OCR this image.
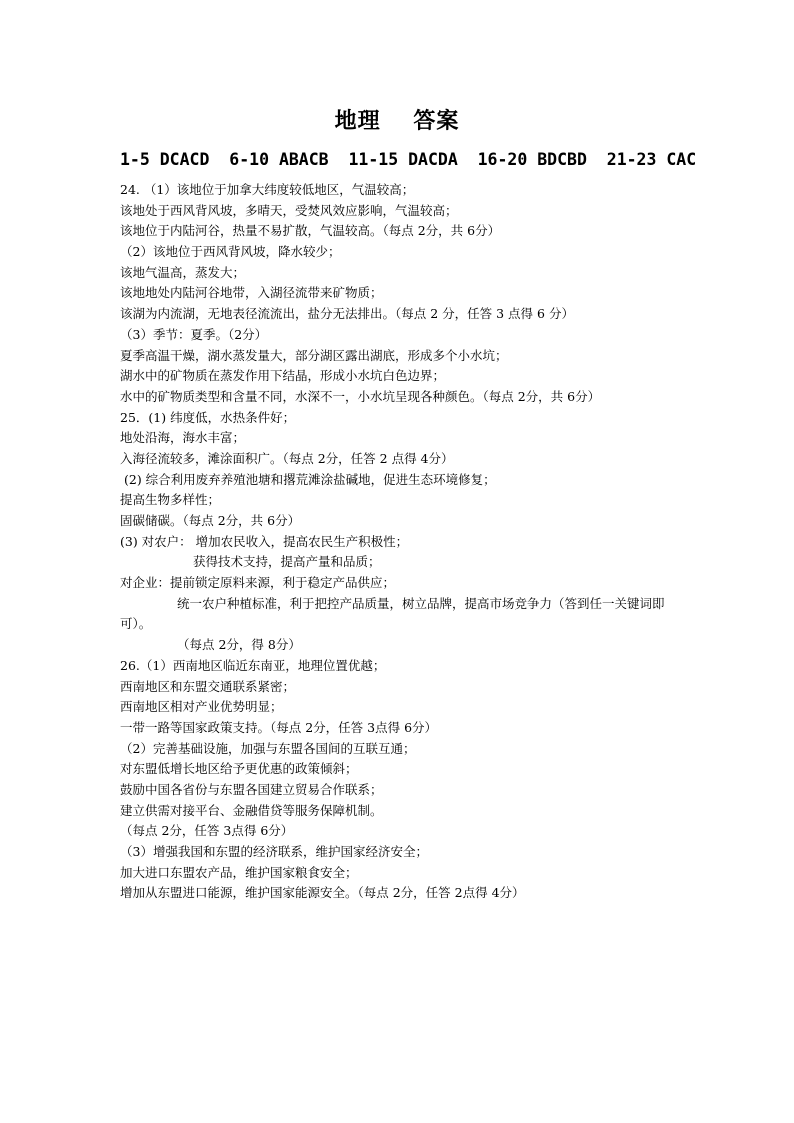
地理 答案
1-5 DCACD  6-10 ABACB  11-15 DACDA  16-20 BDCBD  21-23 CAC
24. （1）该地位于加拿大纬度较低地区，气温较高；
该地处于西风背风坡，多晴天，受焚风效应影响，气温较高；
该地位于内陆河谷，热量不易扩散，气温较高。（每点 2分，共 6分）
（2）该地位于西风背风坡，降水较少；
该地气温高，蒸发大；
该地地处内陆河谷地带，入湖径流带来矿物质；
该湖为内流湖，无地表径流流出，盐分无法排出。（每点 2 分，任答 3 点得 6 分）
（3）季节：夏季。（2分）
夏季高温干燥，湖水蒸发量大，部分湖区露出湖底，形成多个小水坑；
湖水中的矿物质在蒸发作用下结晶，形成小水坑白色边界；
水中的矿物质类型和含量不同，水深不一，小水坑呈现各种颜色。（每点 2分，共 6分）
25．(1) 纬度低，水热条件好；
地处沿海，海水丰富；
入海径流较多，滩涂面积广。（每点 2分，任答 2 点得 4分）
(2) 综合利用废弃养殖池塘和撂荒滩涂盐碱地，促进生态环境修复；
提高生物多样性；
固碳储碳。（每点 2分，共 6分）
(3) 对农户： 增加农民收入，提高农民生产积极性；
获得技术支持，提高产量和品质；
对企业：提前锁定原料来源，利于稳定产品供应；
统一农户种植标准，利于把控产品质量，树立品牌，提高市场竞争力（答到任一关键词即可）。
（每点 2分，得 8分）
26.（1）西南地区临近东南亚，地理位置优越；
西南地区和东盟交通联系紧密；
西南地区相对产业优势明显；
一带一路等国家政策支持。（每点 2分，任答 3点得 6分）
（2）完善基础设施，加强与东盟各国间的互联互通；
对东盟低增长地区给予更优惠的政策倾斜；
鼓励中国各省份与东盟各国建立贸易合作联系；
建立供需对接平台、金融借贷等服务保障机制。
（每点 2分，任答 3点得 6分）
（3）增强我国和东盟的经济联系，维护国家经济安全；
加大进口东盟农产品，维护国家粮食安全；
增加从东盟进口能源，维护国家能源安全。（每点 2分，任答 2点得 4分）
